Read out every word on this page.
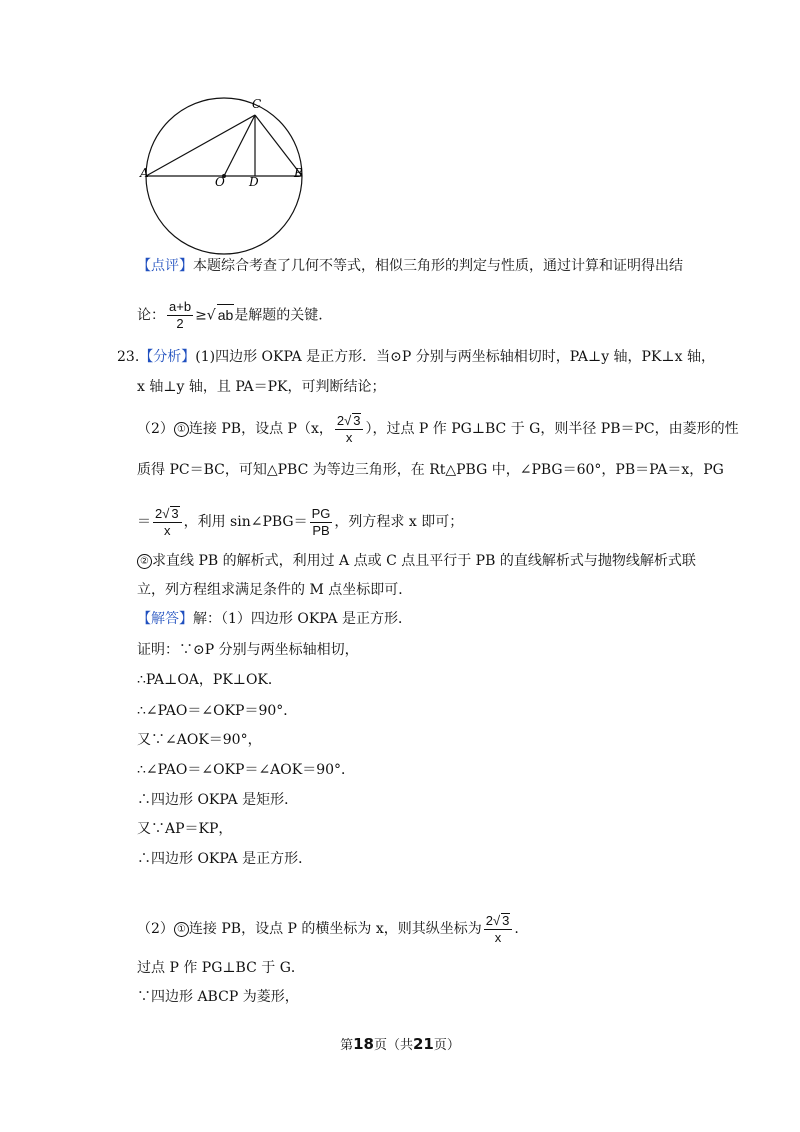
C
A	B
O D
【点评】本题综合考查了几何不等式，相似三角形的判定与性质，通过计算和证明得出结
论： $\frac{a+b}{2}$ ≥√ ab是解题的关键.
23.【分析】(1)四边形 OKPA 是正方形．当⊙P 分别与两坐标轴相切时，PA⊥y 轴，PK⊥x 轴，
x 轴⊥y 轴，且 PA＝PK，可判断结论；
（2） ① 连接 PB，设点 P（x， $\frac{2√ 3}{x}$ ），过点 P 作 PG⊥BC 于 G，则半径 PB＝PC，由菱形的性
质得 PC＝BC，可知△PBC 为等边三角形，在 Rt△PBG 中，∠PBG＝60°，PB＝PA＝x，PG
＝ $\frac{2√ 3}{x}$ ，利用 sin∠PBG＝ $\frac{PG}{PB}$ ，列方程求 x 即可；
② 求直线 PB 的解析式，利用过 A 点或 C 点且平行于 PB 的直线解析式与抛物线解析式联
立，列方程组求满足条件的 M 点坐标即可．
【解答】解：（1）四边形 OKPA 是正方形．
证明：∵⊙P 分别与两坐标轴相切，
∴PA⊥OA，PK⊥OK．
∴∠PAO＝∠OKP＝90°．
又∵∠AOK＝90°，
∴∠PAO＝∠OKP＝∠AOK＝90°．
∴四边形 OKPA 是矩形．
又∵AP＝KP，
∴四边形 OKPA 是正方形．
（2） ① 连接 PB，设点 P 的横坐标为 x，则其纵坐标为 $\frac{2√ 3}{x}$ .
过点 P 作 PG⊥BC 于 G．
∵四边形 ABCP 为菱形，
第18页（共21页）
